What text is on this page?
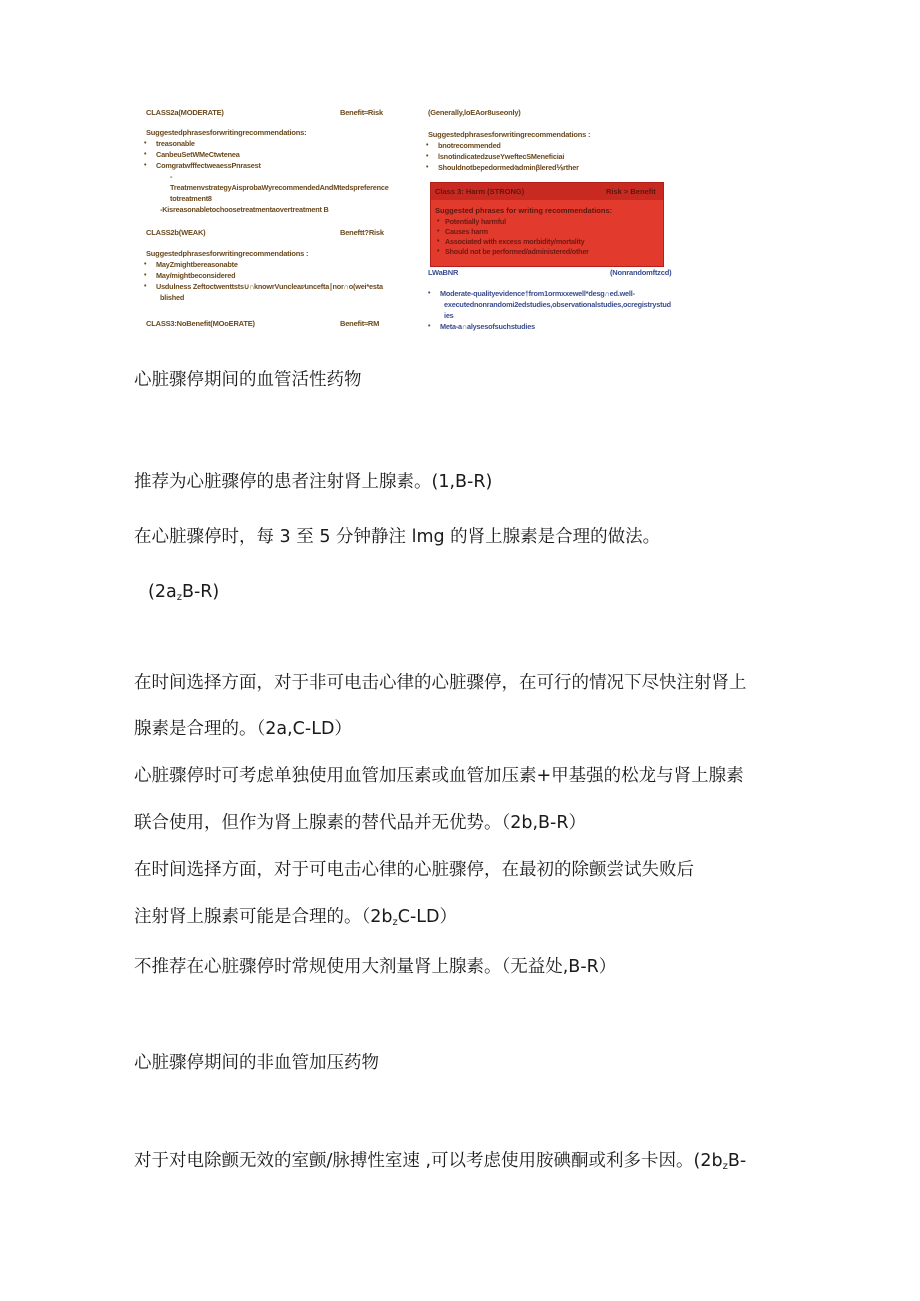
CLASS2a(MODERATE)	Benefit≈Risk
Suggestedphrasesforwritingrecommendations:
• treasonable
• CanbeuSetWMeCtwtenea
• ComgratwfffectweaessPnrasest
-
TreatmenvstrategyAisprobaWyrecommendedAndMtedspreference
totreatment8
-Kisreasonabletochoosetreatmentaovertreatment B
CLASS2b(WEAK)	Beneftt?Risk
Suggestedphrasesforwritingrecommendations :
• MayZmightbereasonabte
• May/mightbeconsidered
• Usdulness Zeftoctwenttsts∪∩knowrVunclear∕uncefta∣nor∩o(wei*esta
blished
CLASS3:NoBenefit(MOoERATE)	Benefit≈RM
(Generally,loEAor8useonly)
Suggestedphrasesforwritingrecommendations :
• bnotrecommended
• lsnotindicatedzuseYweftecSMeneficiai
• Shouldnotbepedormed∕adminβlered⅕rther
Class 3: Harm (STRONG)	Risk > Benefit
Suggested phrases for writing recommendations:
• Potentially harmful
• Causes harm
• Associated with excess morbidity/mortality
• Should not be performed/administered/other
LWaBNR	(Nonrandomftzcd)
• Moderate-qualityevidence†from1ormxxewell*desg∩ed.well-
executednonrandomi2edstudies,observationalstudies,ocregistrystud
ies
• Meta-a∩alysesofsuchstudies
心脏骤停期间的血管活性药物
推荐为心脏骤停的患者注射肾上腺素。(1,B-R)
在心脏骤停时，每 3 至 5 分钟静注 lmg 的肾上腺素是合理的做法。
$(2a_zB-R)$
在时间选择方面，对于非可电击心律的心脏骤停，在可行的情况下尽快注射肾上
腺素是合理的。（2a,C-LD）
心脏骤停时可考虑单独使用血管加压素或血管加压素+甲基强的松龙与肾上腺素
联合使用，但作为肾上腺素的替代品并无优势。（2b,B-R）
在时间选择方面，对于可电击心律的心脏骤停，在最初的除颤尝试失败后
注射肾上腺素可能是合理的。$(2b_zC-LD)$
不推荐在心脏骤停时常规使用大剂量肾上腺素。（无益处,B-R）
心脏骤停期间的非血管加压药物
对于对电除颤无效的室颤/脉搏性室速 ,可以考虑使用胺碘酮或利多卡因。($2b_zB-$
